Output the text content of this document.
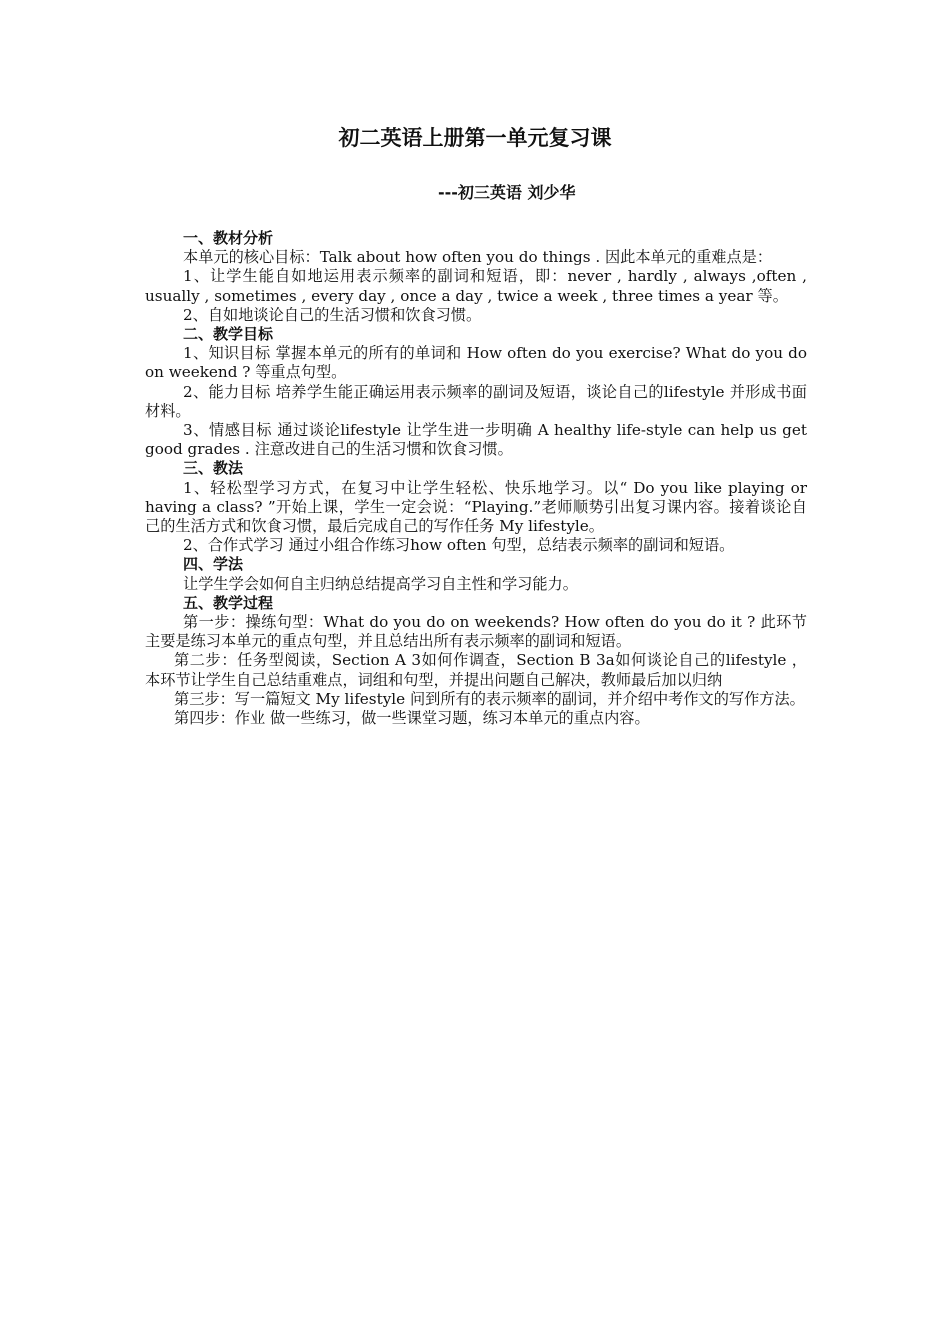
初二英语上册第一单元复习课
---初三英语 刘少华

一、教材分析

本单元的核心目标：Talk about how often you do things . 因此本单元的重难点是：

1、让学生能自如地运用表示频率的副词和短语，即：never , hardly , always ,often , usually , sometimes , every day , once a day , twice a week , three times a year 等。

2、自如地谈论自己的生活习惯和饮食习惯。

二、教学目标

1、知识目标 掌握本单元的所有的单词和 How often do you exercise? What do you do on weekend ? 等重点句型。

2、能力目标 培养学生能正确运用表示频率的副词及短语，谈论自己的lifestyle 并形成书面材料。

3、情感目标 通过谈论lifestyle 让学生进一步明确 A healthy life-style can help us get good grades . 注意改进自己的生活习惯和饮食习惯。

三、教法

1、轻松型学习方式，在复习中让学生轻松、快乐地学习。以“ Do you like playing or having a class? ”开始上课，学生一定会说：“Playing.”老师顺势引出复习课内容。接着谈论自己的生活方式和饮食习惯，最后完成自己的写作任务 My lifestyle。

2、合作式学习 通过小组合作练习how often 句型，总结表示频率的副词和短语。

四、学法

让学生学会如何自主归纳总结提高学习自主性和学习能力。

五、教学过程

第一步：操练句型：What do you do on weekends? How often do you do it ? 此环节主要是练习本单元的重点句型，并且总结出所有表示频率的副词和短语。

第二步：任务型阅读，Section A 3如何作调查，Section B 3a如何谈论自己的lifestyle ， 本环节让学生自己总结重难点，词组和句型，并提出问题自己解决，教师最后加以归纳

第三步：写一篇短文 My lifestyle 问到所有的表示频率的副词，并介绍中考作文的写作方法。

第四步：作业 做一些练习，做一些课堂习题，练习本单元的重点内容。
